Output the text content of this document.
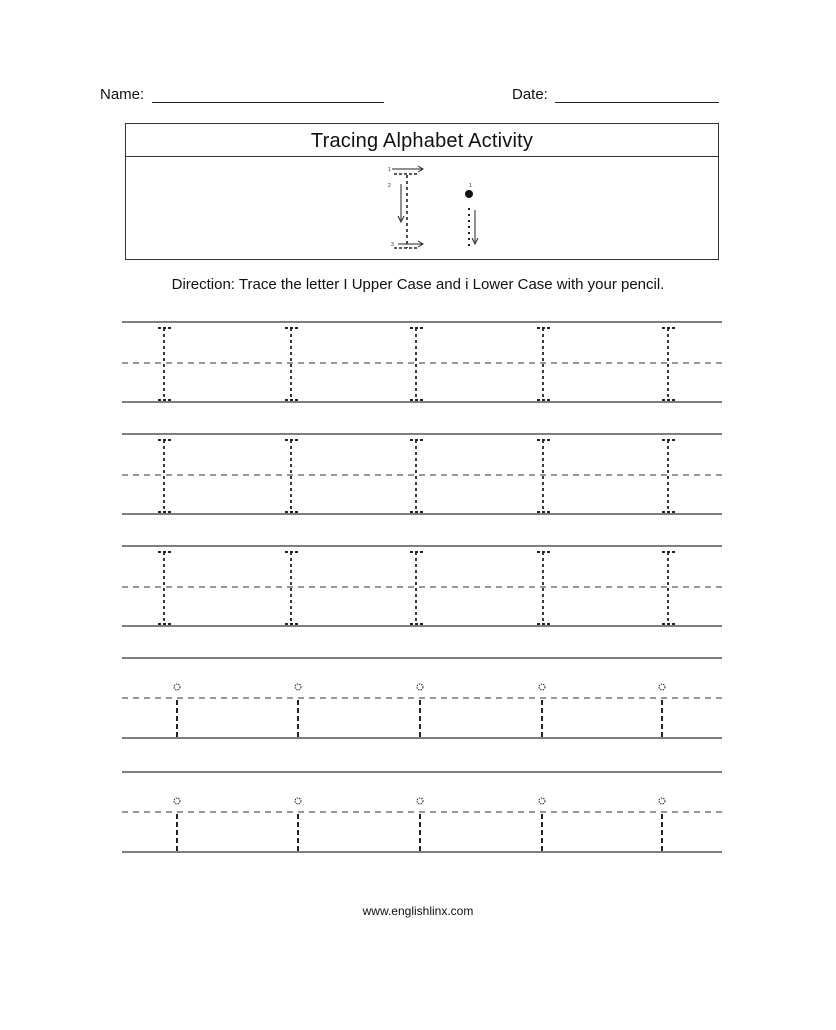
Name:	Date:
Tracing Alphabet Activity
1
2
3
1
Direction: Trace the letter I Upper Case and i Lower Case with your pencil.
www.englishlinx.com
